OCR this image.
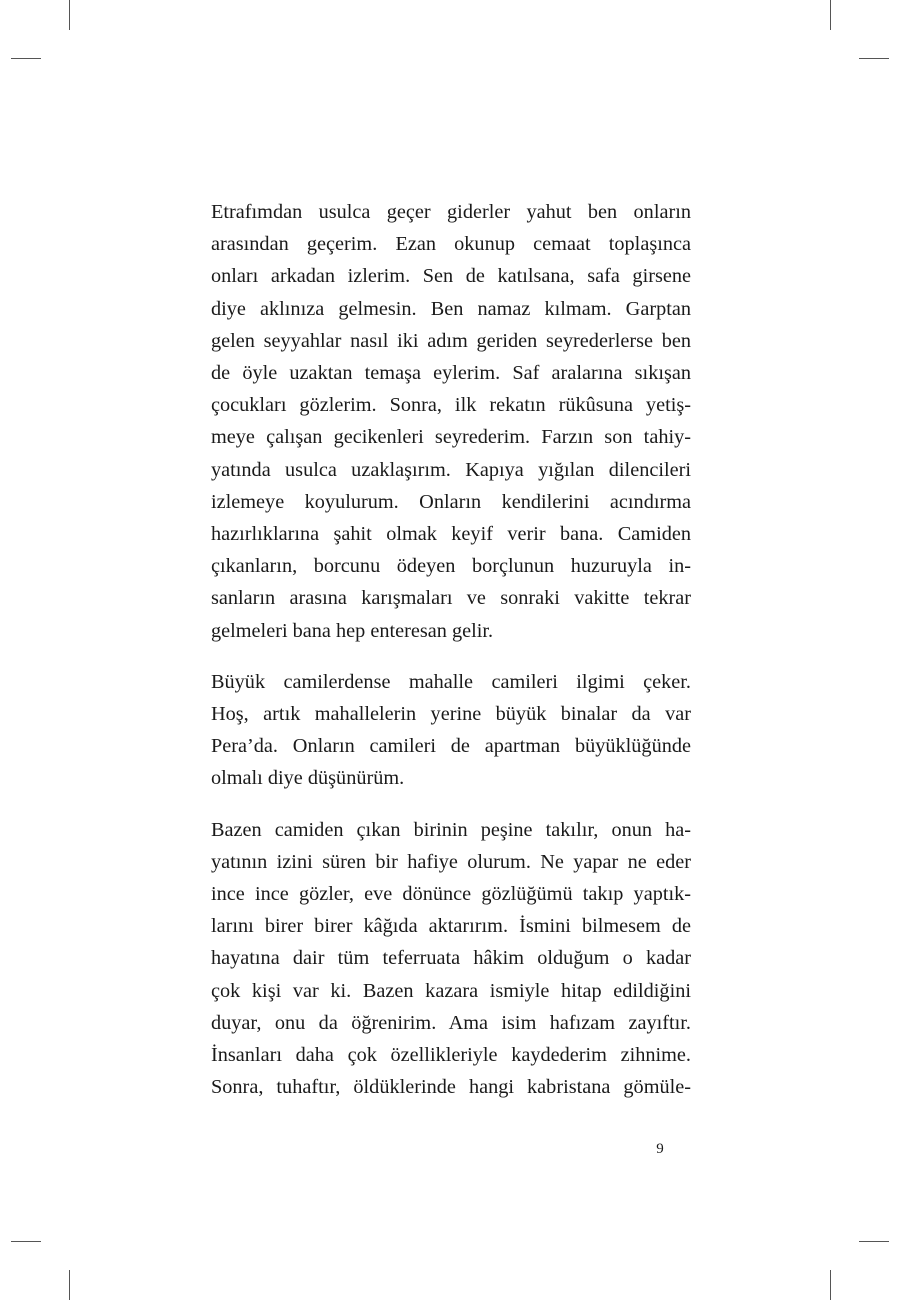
Etrafımdan usulca geçer giderler yahut ben onların
arasından geçerim. Ezan okunup cemaat toplaşınca
onları arkadan izlerim. Sen de katılsana, safa girsene
diye aklınıza gelmesin. Ben namaz kılmam. Garptan
gelen seyyahlar nasıl iki adım geriden seyrederlerse ben
de öyle uzaktan temaşa eylerim. Saf aralarına sıkışan
çocukları gözlerim. Sonra, ilk rekatın rükûsuna yetiş-
meye çalışan gecikenleri seyrederim. Farzın son tahiy-
yatında usulca uzaklaşırım. Kapıya yığılan dilencileri
izlemeye koyulurum. Onların kendilerini acındırma
hazırlıklarına şahit olmak keyif verir bana. Camiden
çıkanların, borcunu ödeyen borçlunun huzuruyla in-
sanların arasına karışmaları ve sonraki vakitte tekrar
gelmeleri bana hep enteresan gelir.

Büyük camilerdense mahalle camileri ilgimi çeker.
Hoş, artık mahallelerin yerine büyük binalar da var
Pera’da. Onların camileri de apartman büyüklüğünde
olmalı diye düşünürüm.

Bazen camiden çıkan birinin peşine takılır, onun ha-
yatının izini süren bir hafiye olurum. Ne yapar ne eder
ince ince gözler, eve dönünce gözlüğümü takıp yaptık-
larını birer birer kâğıda aktarırım. İsmini bilmesem de
hayatına dair tüm teferruata hâkim olduğum o kadar
çok kişi var ki. Bazen kazara ismiyle hitap edildiğini
duyar, onu da öğrenirim. Ama isim hafızam zayıftır.
İnsanları daha çok özellikleriyle kaydederim zihnime.
Sonra, tuhaftır, öldüklerinde hangi kabristana gömüle-

9
